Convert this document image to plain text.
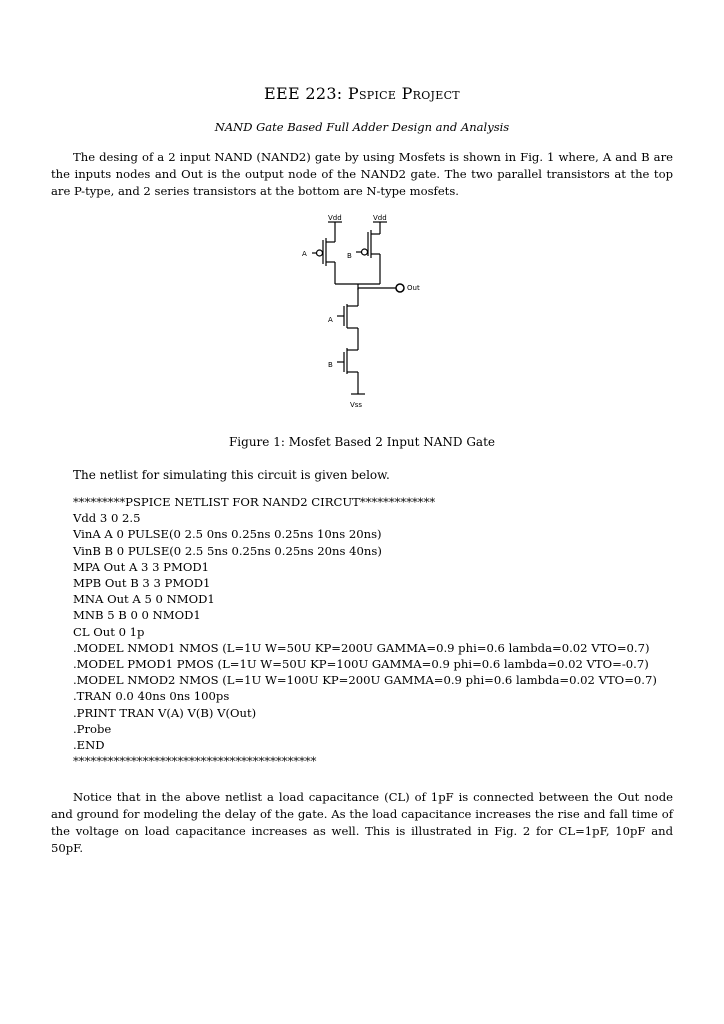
EEE 223: Pspice Project
NAND Gate Based Full Adder Design and Analysis

The desing of a 2 input NAND (NAND2) gate by using Mosfets is shown in Fig. 1 where, A and B are the inputs nodes and Out is the output node of the NAND2 gate. The two parallel transistors at the top are P-type, and 2 series transistors at the bottom are N-type mosfets.

Vdd	Vdd
A	B
Out
A
B
Vss
Figure 1: Mosfet Based 2 Input NAND Gate

The netlist for simulating this circuit is given below.

*********PSPICE NETLIST FOR NAND2 CIRCUT*************
Vdd 3 0 2.5
VinA A 0 PULSE(0 2.5 0ns 0.25ns 0.25ns 10ns 20ns)
VinB B 0 PULSE(0 2.5 5ns 0.25ns 0.25ns 20ns 40ns)
MPA Out A 3 3 PMOD1
MPB Out B 3 3 PMOD1
MNA Out A 5 0 NMOD1
MNB 5 B 0 0 NMOD1
CL Out 0 1p
.MODEL NMOD1 NMOS (L=1U W=50U KP=200U GAMMA=0.9 phi=0.6 lambda=0.02 VTO=0.7)
.MODEL PMOD1 PMOS (L=1U W=50U KP=100U GAMMA=0.9 phi=0.6 lambda=0.02 VTO=-0.7)
.MODEL NMOD2 NMOS (L=1U W=100U KP=200U GAMMA=0.9 phi=0.6 lambda=0.02 VTO=0.7)
.TRAN 0.0 40ns 0ns 100ps
.PRINT TRAN V(A) V(B) V(Out)
.Probe
.END
******************************************

Notice that in the above netlist a load capacitance (CL) of 1pF is connected between the Out node and ground for modeling the delay of the gate. As the load capacitance increases the rise and fall time of the voltage on load capacitance increases as well. This is illustrated in Fig. 2 for CL=1pF, 10pF and 50pF.
